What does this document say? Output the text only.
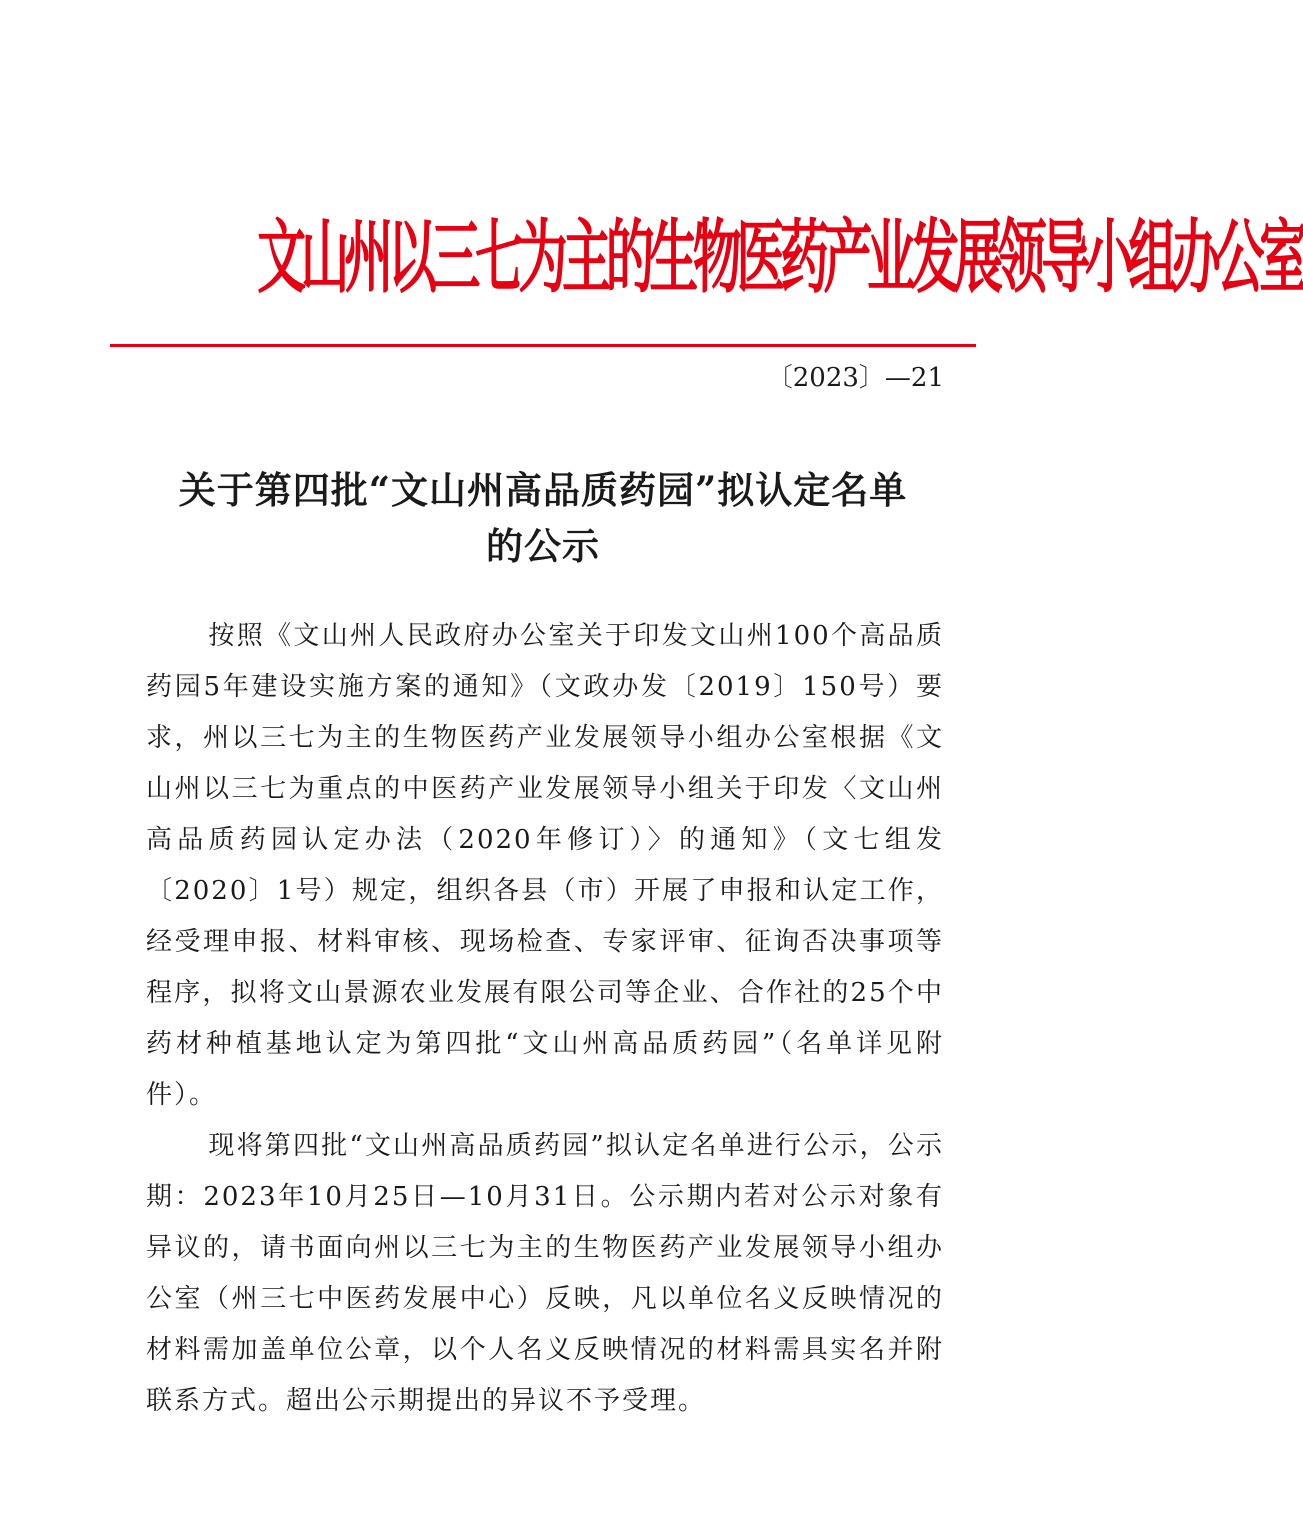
文山州以三七为主的生物医药产业发展领导小组办公室
〔2023〕—21
关于第四批“文山州高品质药园”拟认定名单
的公示

按照《文山州人民政府办公室关于印发文山州100个高品质药园5年建设实施方案的通知》（文政办发〔2019〕150号）要求，州以三七为主的生物医药产业发展领导小组办公室根据《文山州以三七为重点的中医药产业发展领导小组关于印发〈文山州高品质药园认定办法（2020年修订）〉的通知》（文七组发〔2020〕1号）规定，组织各县（市）开展了申报和认定工作，经受理申报、材料审核、现场检查、专家评审、征询否决事项等程序，拟将文山景源农业发展有限公司等企业、合作社的25个中药材种植基地认定为第四批“文山州高品质药园”（名单详见附件）。

现将第四批“文山州高品质药园”拟认定名单进行公示，公示期：2023年10月25日—10月31日。公示期内若对公示对象有异议的，请书面向州以三七为主的生物医药产业发展领导小组办公室（州三七中医药发展中心）反映，凡以单位名义反映情况的材料需加盖单位公章，以个人名义反映情况的材料需具实名并附联系方式。超出公示期提出的异议不予受理。
